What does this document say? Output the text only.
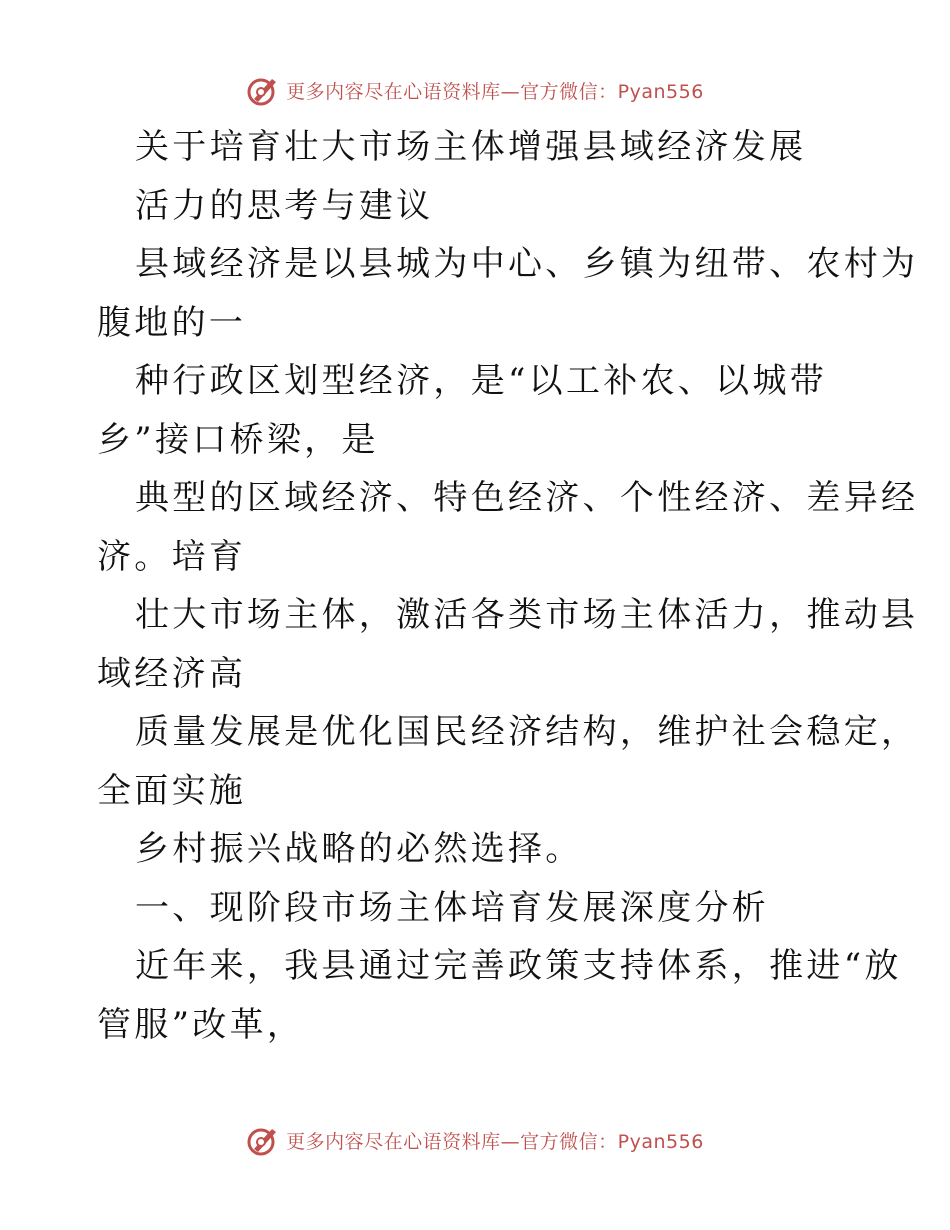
更多内容尽在心语资料库—官方微信：Pyan556
关于培育壮大市场主体增强县域经济发展
活力的思考与建议
县域经济是以县城为中心、乡镇为纽带、农村为
腹地的一
种行政区划型经济，是“以工补农、以城带
乡”接口桥梁，是
典型的区域经济、特色经济、个性经济、差异经
济。培育
壮大市场主体，激活各类市场主体活力，推动县
域经济高
质量发展是优化国民经济结构，维护社会稳定，
全面实施
乡村振兴战略的必然选择。
一、现阶段市场主体培育发展深度分析
近年来，我县通过完善政策支持体系，推进“放
管服”改革，
更多内容尽在心语资料库—官方微信：Pyan556
